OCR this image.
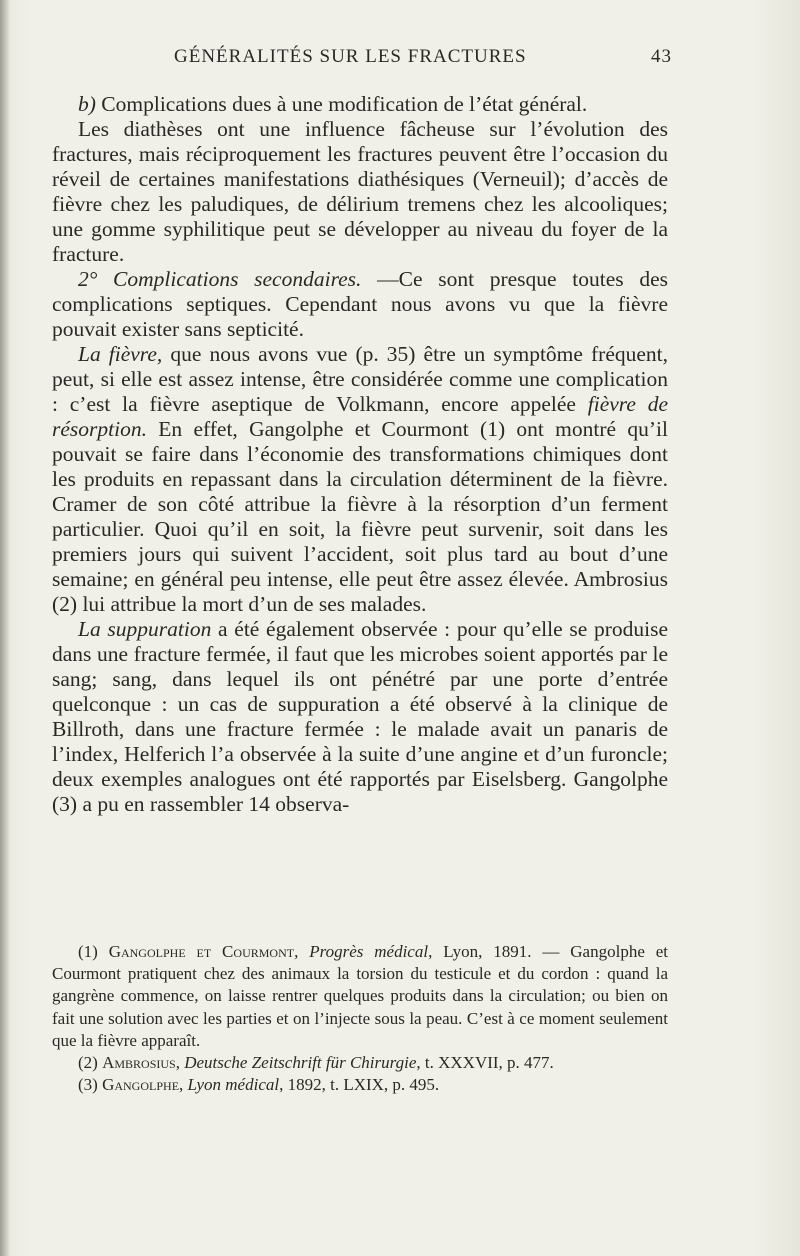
GÉNÉRALITÉS SUR LES FRACTURES	43

b) Complications dues à une modification de l’état général.

Les diathèses ont une influence fâcheuse sur l’évolution des fractures, mais réciproquement les fractures peuvent être l’occasion du réveil de certaines manifestations diathésiques (Verneuil); d’accès de fièvre chez les paludiques, de délirium tremens chez les alcooliques; une gomme syphilitique peut se développer au niveau du foyer de la fracture.

2° Complications secondaires. —Ce sont presque toutes des complications septiques. Cependant nous avons vu que la fièvre pouvait exister sans septicité.

La fièvre, que nous avons vue (p. 35) être un symptôme fréquent, peut, si elle est assez intense, être considérée comme une complication : c’est la fièvre aseptique de Volkmann, encore appelée fièvre de résorption. En effet, Gangolphe et Courmont (1) ont montré qu’il pouvait se faire dans l’économie des transformations chimiques dont les produits en repassant dans la circulation déterminent de la fièvre. Cramer de son côté attribue la fièvre à la résorption d’un ferment particulier. Quoi qu’il en soit, la fièvre peut survenir, soit dans les premiers jours qui suivent l’accident, soit plus tard au bout d’une semaine; en général peu intense, elle peut être assez élevée. Ambrosius (2) lui attribue la mort d’un de ses malades.

La suppuration a été également observée : pour qu’elle se produise dans une fracture fermée, il faut que les microbes soient apportés par le sang; sang, dans lequel ils ont pénétré par une porte d’entrée quelconque : un cas de suppuration a été observé à la clinique de Billroth, dans une fracture fermée : le malade avait un panaris de l’index, Helferich l’a observée à la suite d’une angine et d’un furoncle; deux exemples analogues ont été rapportés par Eiselsberg. Gangolphe (3) a pu en rassembler 14 observa-

(1) Gangolphe et Courmont, Progrès médical, Lyon, 1891. — Gangolphe et Courmont pratiquent chez des animaux la torsion du testicule et du cordon : quand la gangrène commence, on laisse rentrer quelques produits dans la circulation; ou bien on fait une solution avec les parties et on l’injecte sous la peau. C’est à ce moment seulement que la fièvre apparaît.

(2) Ambrosius, Deutsche Zeitschrift für Chirurgie, t. XXXVII, p. 477.

(3) Gangolphe, Lyon médical, 1892, t. LXIX, p. 495.
